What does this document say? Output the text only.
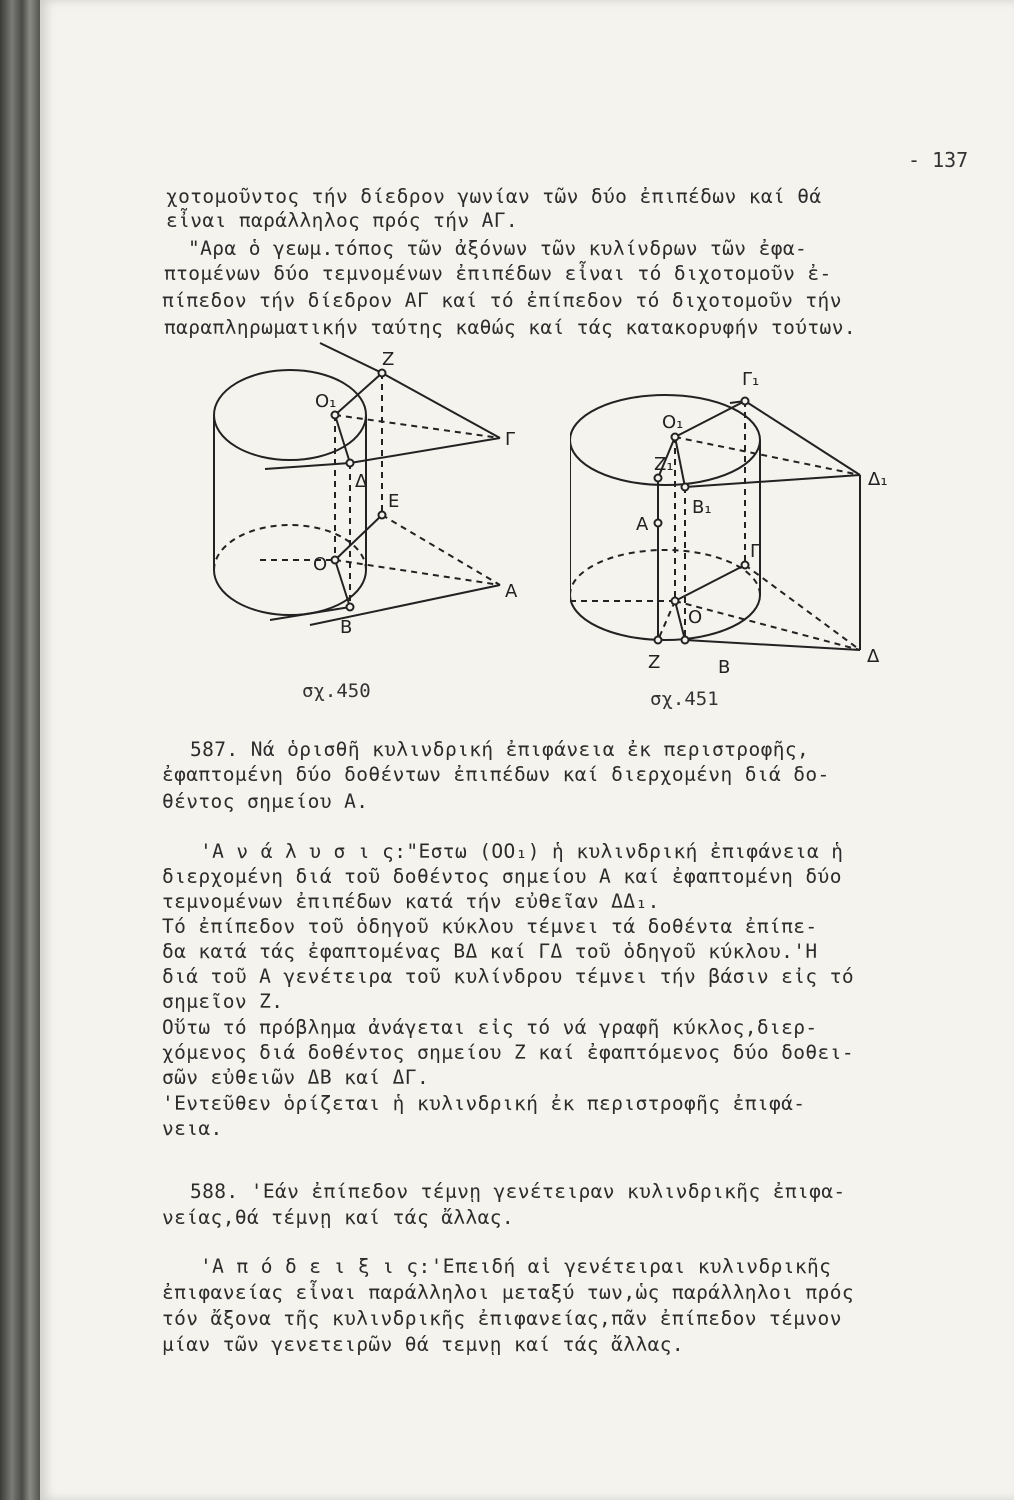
- 137
χοτομοῦντος τήν δίεδρον γωνίαν τῶν δύο ἐπιπέδων καί θά
εἶναι παράλληλος πρός τήν ΑΓ.
"Αρα ὁ γεωμ.τόπος τῶν ἀξόνων τῶν κυλίνδρων τῶν ἐφα-
πτομένων δύο τεμνομένων ἐπιπέδων εἶναι τό διχοτομοῦν ἐ-
πίπεδον τήν δίεδρον ΑΓ καί τό ἐπίπεδον τό διχοτομοῦν τήν
παραπληρωματικήν ταύτης καθώς καί τάς κατακορυφήν τούτων.
Z
O₁
Γ
Δ
E
O
A
B
σχ.450
Γ₁
O₁
Z₁
Δ₁
B₁
A
Γ
O
Z	B
Δ
σχ.451
587. Νά ὁρισθῆ κυλινδρική ἐπιφάνεια ἐκ περιστροφῆς,
ἐφαπτομένη δύο δοθέντων ἐπιπέδων καί διερχομένη διά δο-
θέντος σημείου Α.
'Α ν ά λ υ σ ι ς:"Εστω (ΟΟ₁) ἡ κυλινδρική ἐπιφάνεια ἡ
διερχομένη διά τοῦ δοθέντος σημείου Α καί ἐφαπτομένη δύο
τεμνομένων ἐπιπέδων κατά τήν εὐθεῖαν ΔΔ₁.
Τό ἐπίπεδον τοῦ ὁδηγοῦ κύκλου τέμνει τά δοθέντα ἐπίπε-
δα κατά τάς ἐφαπτομένας ΒΔ καί ΓΔ τοῦ ὁδηγοῦ κύκλου.'Η
διά τοῦ Α γενέτειρα τοῦ κυλίνδρου τέμνει τήν βάσιν εἰς τό
σημεῖον Ζ.
Οὕτω τό πρόβλημα ἀνάγεται εἰς τό νά γραφῆ κύκλος,διερ-
χόμενος διά δοθέντος σημείου Ζ καί ἐφαπτόμενος δύο δοθει-
σῶν εὐθειῶν ΔΒ καί ΔΓ.
'Εντεῦθεν ὁρίζεται ἡ κυλινδρική ἐκ περιστροφῆς ἐπιφά-
νεια.
588. 'Εάν ἐπίπεδον τέμνῃ γενέτειραν κυλινδρικῆς ἐπιφα-
νείας,θά τέμνῃ καί τάς ἄλλας.
'Α π ό δ ε ι ξ ι ς:'Επειδή αἱ γενέτειραι κυλινδρικῆς
ἐπιφανείας εἶναι παράλληλοι μεταξύ των,ὡς παράλληλοι πρός
τόν ἄξονα τῆς κυλινδρικῆς ἐπιφανείας,πᾶν ἐπίπεδον τέμνον
μίαν τῶν γενετειρῶν θά τεμνῃ καί τάς ἄλλας.
